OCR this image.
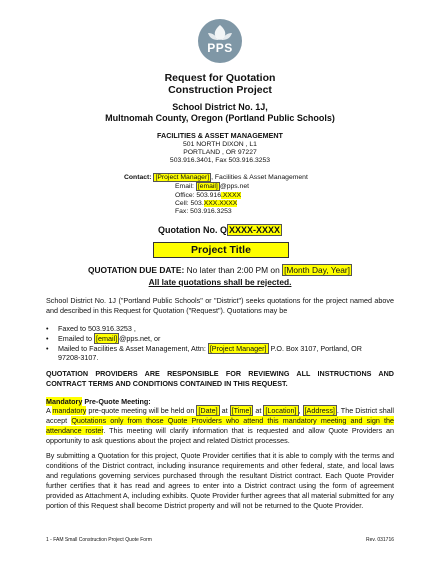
PPS
Request for Quotation
Construction Project
School District No. 1J,
Multnomah County, Oregon (Portland Public Schools)
FACILITIES & ASSET MANAGEMENT
501 NORTH DIXON , L1
PORTLAND , OR 97227
503.916.3401, Fax 503.916.3253
Contact: [Project Manager] , Facilities & Asset Management
Email: [email] @pps.net
Office: 503.916.XXXX
Cell: 503.XXX.XXXX
Fax: 503.916.3253
Quotation No. Q XXXX-XXXX
Project Title
QUOTATION DUE DATE: No later than 2:00 PM on [Month Day, Year]
All late quotations shall be rejected.
School District No. 1J ("Portland Public Schools" or "District") seeks quotations for the project named above and described in this Request for Quotation ("Request"). Quotations may be
• Faxed to 503.916.3253 ,
• Emailed to [email] @pps.net, or
• Mailed to Facilities & Asset Management, Attn: [Project Manager] P.O. Box 3107, Portland, OR
97208-3107.
QUOTATION PROVIDERS ARE RESPONSIBLE FOR REVIEWING ALL INSTRUCTIONS AND CONTRACT TERMS AND CONDITIONS CONTAINED IN THIS REQUEST.
Mandatory Pre-Quote Meeting:
A mandatory pre-quote meeting will be held on [Date] at [Time] at [Location] , [Address] . The District shall accept Quotations only from those Quote Providers who attend this mandatory meeting and sign the attendance roster. This meeting will clarify information that is requested and allow Quote Providers an opportunity to ask questions about the project and related District processes.
By submitting a Quotation for this project, Quote Provider certifies that it is able to comply with the terms and conditions of the District contract, including insurance requirements and other federal, state, and local laws and regulations governing services purchased through the resultant District contract. Each Quote Provider further certifies that it has read and agrees to enter into a District contract using the form of agreement provided as Attachment A, including exhibits. Quote Provider further agrees that all material submitted for any portion of this Request shall become District property and will not be returned to the Quote Provider.
1 - FAM Small Construction Project Quote Form	Rev. 031716
